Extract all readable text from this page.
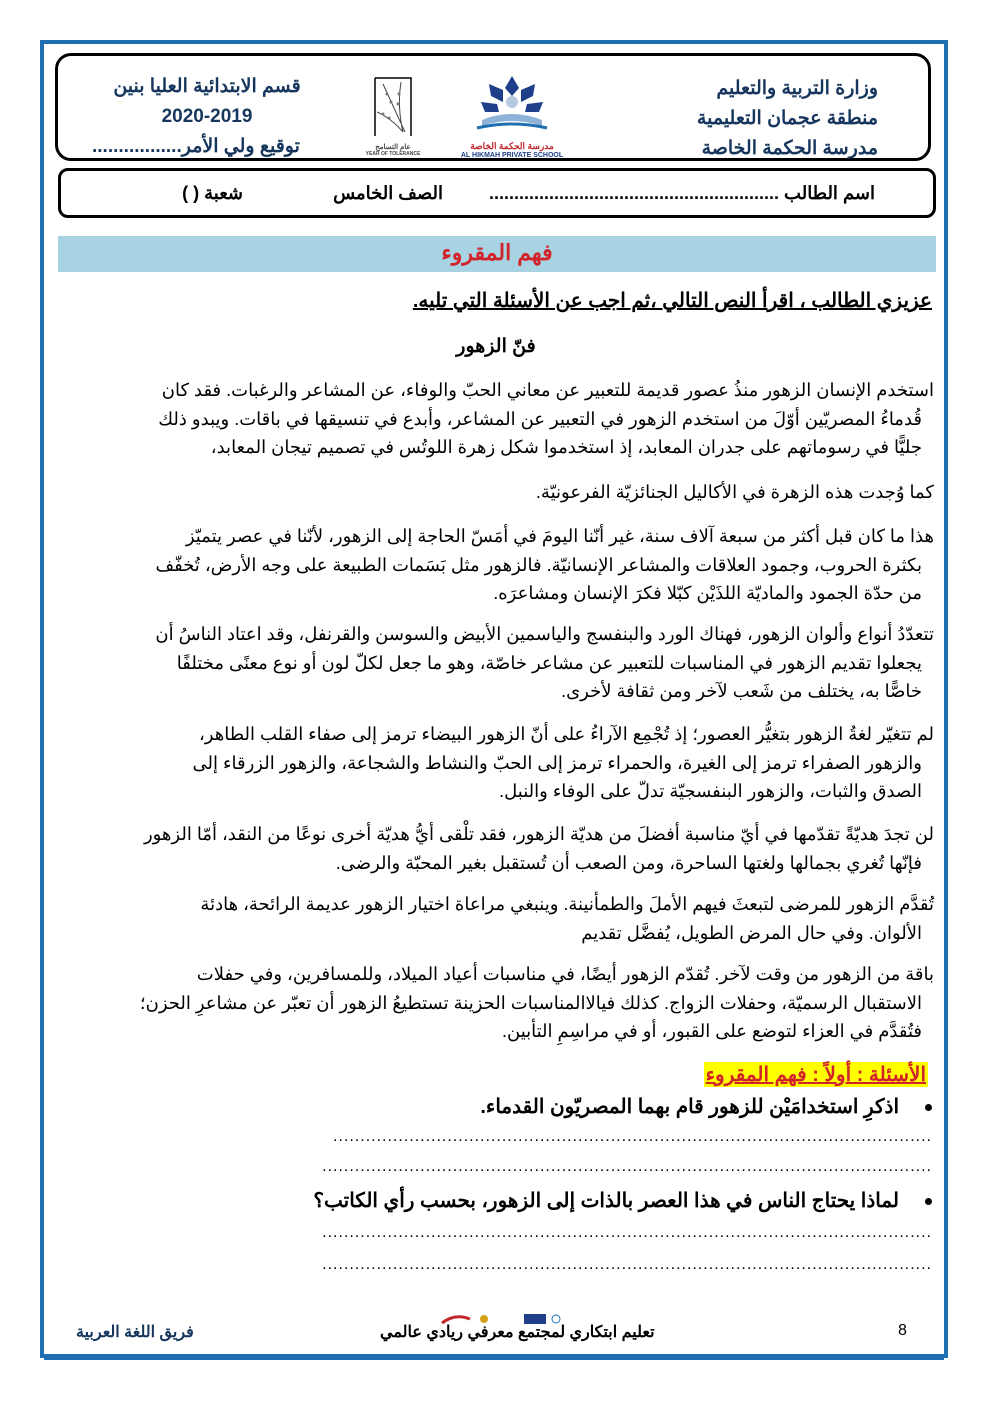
وزارة التربية والتعليم
منطقة عجمان التعليمية
مدرسة الحكمة الخاصة
مدرسة الحكمة الخاصة
AL HIKMAH PRIVATE SCHOOL
عام التسامح
YEAR OF TOLERANCE
قسم الابتدائية العليا بنين
2020-2019
توقيع ولي الأمر.................
اسم الطالب ..........................................................
الصف الخامس
شعبة ( )
فهم المقروء
عزيزي الطالب ، اقرأ النص التالي ،ثم اجب عن الأسئلة التي تليه.
فنّ الزهور
استخدم الإنسان الزهور منذُ عصور قديمة للتعبير عن معاني الحبّ والوفاء، عن المشاعر والرغبات. فقد كان
قُدماءُ المصريّين أوّلَ من استخدم الزهور في التعبير عن المشاعر، وأبدع في تنسيقها في باقات. ويبدو ذلك
جليًّا في رسوماتهم على جدران المعابد، إذ استخدموا شكل زهرة اللوتُس في تصميم تيجان المعابد،
كما وُجدت هذه الزهرة في الأكاليل الجنائزيّة الفرعونيّة.
هذا ما كان قبل أكثر من سبعة آلاف سنة، غير أنّنا اليومَ في أمَسّ الحاجة إلى الزهور، لأنّنا في عصر يتميّز
بكثرة الحروب، وجمود العلاقات والمشاعر الإنسانيّة. فالزهور مثل بَسَمات الطبيعة على وجه الأرض، تُخفّف
من حدّة الجمود والماديّة اللذَيْن كبّلا فكرَ الإنسان ومشاعرَه.
تتعدّدُ أنواع وألوان الزهور، فهناك الورد والبنفسج والياسمين الأبيض والسوسن والقرنفل، وقد اعتاد الناسُ أن
يجعلوا تقديم الزهور في المناسبات للتعبير عن مشاعر خاصّة، وهو ما جعل لكلّ لون أو نوع معنًى مختلفًا
خاصًّا به، يختلف من شَعب لآخر ومن ثقافة لأخرى.
لم تتغيّر لغةُ الزهور بتغيُّر العصور؛ إذ تُجْمِع الآراءُ على أنّ الزهور البيضاء ترمز إلى صفاء القلب الطاهر،
والزهور الصفراء ترمز إلى الغيرة، والحمراء ترمز إلى الحبّ والنشاط والشجاعة، والزهور الزرقاء إلى
الصدق والثبات، والزهور البنفسجيّة تدلّ على الوفاء والنبل.
لن تجدَ هديّةً تقدّمها في أيّ مناسبة أفضلَ من هديّة الزهور، فقد تلْقى أيُّ هديّة أخرى نوعًا من النقد، أمّا الزهور
فإنّها تُغري بجمالها ولغتها الساحرة، ومن الصعب أن تُستقبل بغير المحبّة والرضى.
تُقدَّم الزهور للمرضى لتبعثَ فيهم الأملَ والطمأنينة. وينبغي مراعاة اختيار الزهور عديمة الرائحة، هادئة
الألوان. وفي حال المرض الطويل، يُفضَّل تقديم
باقة من الزهور من وقت لآخر. تُقدّم الزهور أيضًا، في مناسبات أعياد الميلاد، وللمسافرين، وفي حفلات
الاستقبال الرسميّة، وحفلات الزواج. كذلك فيالاالمناسبات الحزينة تستطيعُ الزهور أن تعبّر عن مشاعرِ الحزن؛
فتُقدَّم في العزاء لتوضع على القبور، أو في مراسِمِ التأبين.
الأسئلة : أولاً : فهم المقروء
اذكرِ استخدامَيْن للزهور قام بهما المصريّون القدماء.
..............................................................................................................
................................................................................................................
لماذا يحتاج الناس في هذا العصر بالذات إلى الزهور، بحسب رأي الكاتب؟
................................................................................................................
................................................................................................................
8
تعليم ابتكاري لمجتمع معرفي ريادي عالمي
فريق اللغة العربية
